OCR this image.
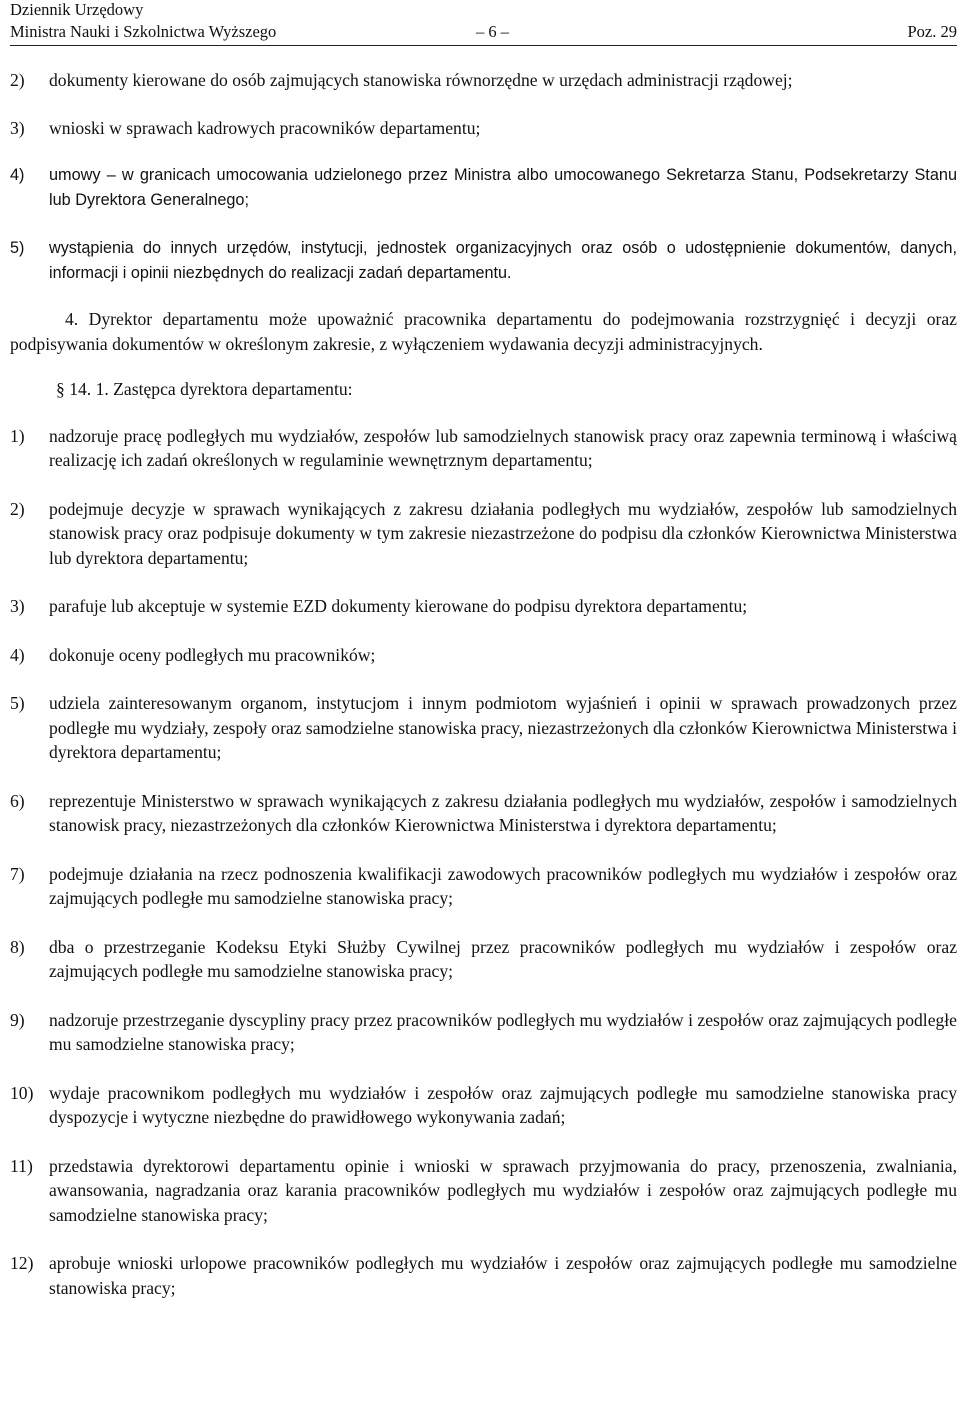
Dziennik Urzędowy
Ministra Nauki i Szkolnictwa Wyższego	– 6 –	Poz. 29
2) dokumenty kierowane do osób zajmujących stanowiska równorzędne w urzędach administracji rządowej;
3) wnioski w sprawach kadrowych pracowników departamentu;
4) umowy – w granicach umocowania udzielonego przez Ministra albo umocowanego Sekretarza Stanu, Podsekretarzy Stanu lub Dyrektora Generalnego;
5) wystąpienia do innych urzędów, instytucji, jednostek organizacyjnych oraz osób o udostępnienie dokumentów, danych, informacji i opinii niezbędnych do realizacji zadań departamentu.

4. Dyrektor departamentu może upoważnić pracownika departamentu do podejmowania rozstrzygnięć i decyzji oraz podpisywania dokumentów w określonym zakresie, z wyłączeniem wydawania decyzji administracyjnych.

§ 14. 1. Zastępca dyrektora departamentu:

1) nadzoruje pracę podległych mu wydziałów, zespołów lub samodzielnych stanowisk pracy oraz zapewnia terminową i właściwą realizację ich zadań określonych w regulaminie wewnętrznym departamentu;
2) podejmuje decyzje w sprawach wynikających z zakresu działania podległych mu wydziałów, zespołów lub samodzielnych stanowisk pracy oraz podpisuje dokumenty w tym zakresie niezastrzeżone do podpisu dla członków Kierownictwa Ministerstwa lub dyrektora departamentu;
3) parafuje lub akceptuje w systemie EZD dokumenty kierowane do podpisu dyrektora departamentu;
4) dokonuje oceny podległych mu pracowników;
5) udziela zainteresowanym organom, instytucjom i innym podmiotom wyjaśnień i opinii w sprawach prowadzonych przez podległe mu wydziały, zespoły oraz samodzielne stanowiska pracy, niezastrzeżonych dla członków Kierownictwa Ministerstwa i dyrektora departamentu;
6) reprezentuje Ministerstwo w sprawach wynikających z zakresu działania podległych mu wydziałów, zespołów i samodzielnych stanowisk pracy, niezastrzeżonych dla członków Kierownictwa Ministerstwa i dyrektora departamentu;
7) podejmuje działania na rzecz podnoszenia kwalifikacji zawodowych pracowników podległych mu wydziałów i zespołów oraz zajmujących podległe mu samodzielne stanowiska pracy;
8) dba o przestrzeganie Kodeksu Etyki Służby Cywilnej przez pracowników podległych mu wydziałów i zespołów oraz zajmujących podległe mu samodzielne stanowiska pracy;
9) nadzoruje przestrzeganie dyscypliny pracy przez pracowników podległych mu wydziałów i zespołów oraz zajmujących podległe mu samodzielne stanowiska pracy;
10) wydaje pracownikom podległych mu wydziałów i zespołów oraz zajmujących podległe mu samodzielne stanowiska pracy dyspozycje i wytyczne niezbędne do prawidłowego wykonywania zadań;
11) przedstawia dyrektorowi departamentu opinie i wnioski w sprawach przyjmowania do pracy, przenoszenia, zwalniania, awansowania, nagradzania oraz karania pracowników podległych mu wydziałów i zespołów oraz zajmujących podległe mu samodzielne stanowiska pracy;
12) aprobuje wnioski urlopowe pracowników podległych mu wydziałów i zespołów oraz zajmujących podległe mu samodzielne stanowiska pracy;
